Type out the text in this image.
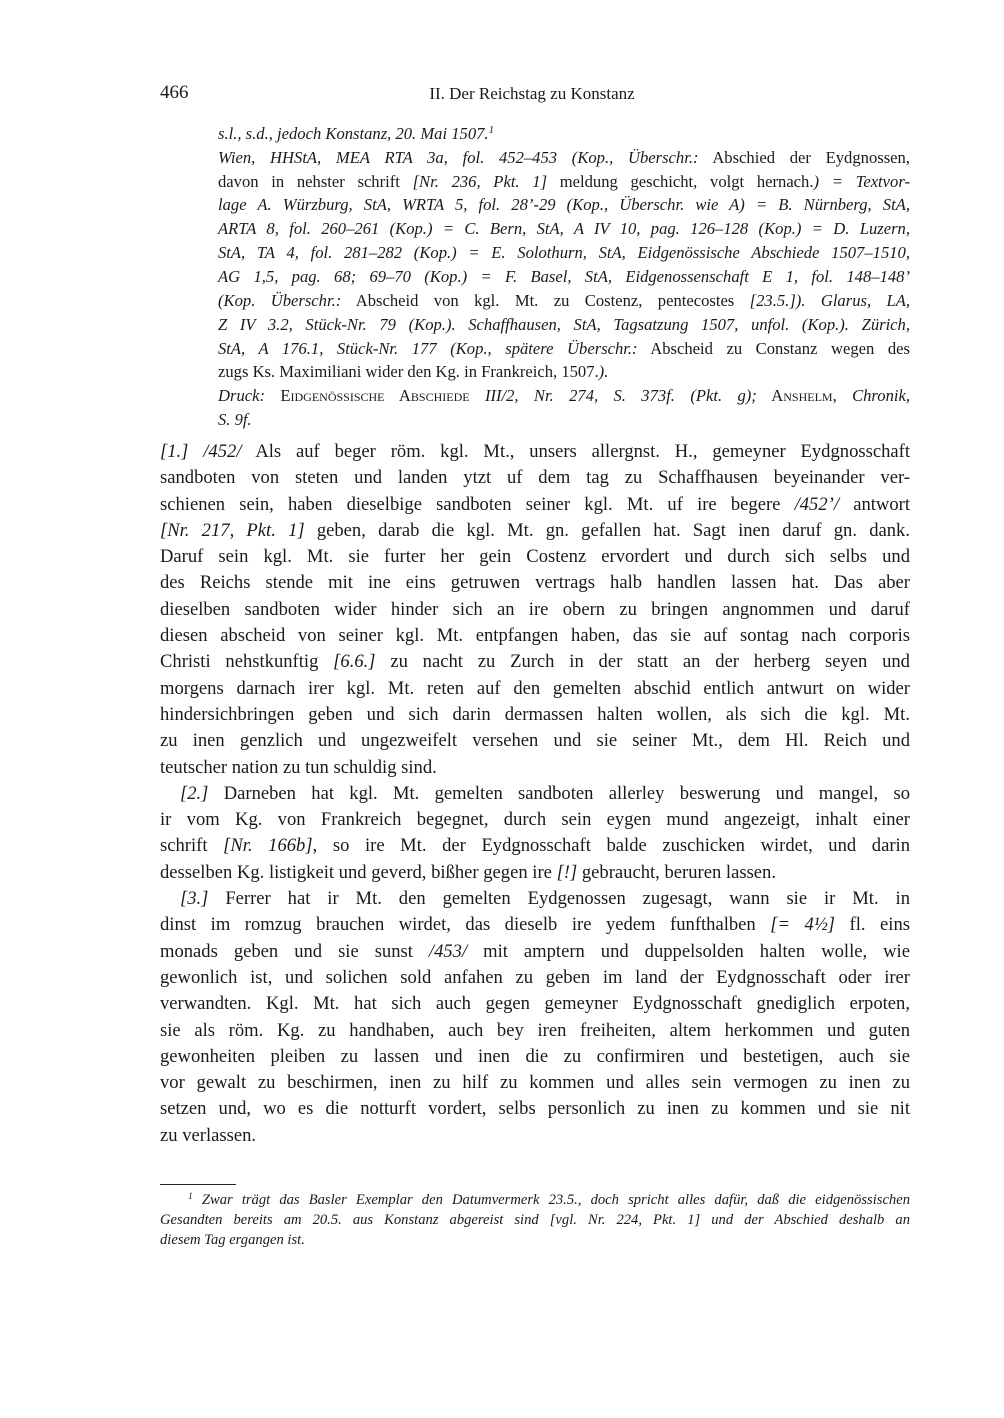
466	II. Der Reichstag zu Konstanz
s.l., s.d., jedoch Konstanz, 20. Mai 1507.$^1$
Wien, HHStA, MEA RTA 3a, fol. 452–453 (Kop., Überschr.: Abschied der Eydgnossen,
davon in nehster schrift [Nr. 236, Pkt. 1] meldung geschicht, volgt hernach.) = Textvor-
lage A. Würzburg, StA, WRTA 5, fol. 28’-29 (Kop., Überschr. wie A) = B. Nürnberg, StA,
ARTA 8, fol. 260–261 (Kop.) = C. Bern, StA, A IV 10, pag. 126–128 (Kop.) = D. Luzern,
StA, TA 4, fol. 281–282 (Kop.) = E. Solothurn, StA, Eidgenössische Abschiede 1507–1510,
AG 1,5, pag. 68; 69–70 (Kop.) = F. Basel, StA, Eidgenossenschaft E 1, fol. 148–148’
(Kop. Überschr.: Abscheid von kgl. Mt. zu Costenz, pentecostes [23.5.]). Glarus, LA,
Z IV 3.2, Stück-Nr. 79 (Kop.). Schaffhausen, StA, Tagsatzung 1507, unfol. (Kop.). Zürich,
StA, A 176.1, Stück-Nr. 177 (Kop., spätere Überschr.: Abscheid zu Constanz wegen des
zugs Ks. Maximiliani wider den Kg. in Frankreich, 1507.).
Druck: Eidgenössische Abschiede III/2, Nr. 274, S. 373f. (Pkt. g); Anshelm, Chronik,
S. 9f.
[1.] /452/ Als auf beger röm. kgl. Mt., unsers allergnst. H., gemeyner Eydgnosschaft
sandboten von steten und landen ytzt uf dem tag zu Schaffhausen beyeinander ver-
schienen sein, haben dieselbige sandboten seiner kgl. Mt. uf ire begere /452’/ antwort
[Nr. 217, Pkt. 1] geben, darab die kgl. Mt. gn. gefallen hat. Sagt inen daruf gn. dank.
Daruf sein kgl. Mt. sie furter her gein Costenz ervordert und durch sich selbs und
des Reichs stende mit ine eins getruwen vertrags halb handlen lassen hat. Das aber
dieselben sandboten wider hinder sich an ire obern zu bringen angnommen und daruf
diesen abscheid von seiner kgl. Mt. entpfangen haben, das sie auf sontag nach corporis
Christi nehstkunftig [6.6.] zu nacht zu Zurch in der statt an der herberg seyen und
morgens darnach irer kgl. Mt. reten auf den gemelten abschid entlich antwurt on wider
hindersichbringen geben und sich darin dermassen halten wollen, als sich die kgl. Mt.
zu inen genzlich und ungezweifelt versehen und sie seiner Mt., dem Hl. Reich und
teutscher nation zu tun schuldig sind.
[2.] Darneben hat kgl. Mt. gemelten sandboten allerley beswerung und mangel, so
ir vom Kg. von Frankreich begegnet, durch sein eygen mund angezeigt, inhalt einer
schrift [Nr. 166b], so ire Mt. der Eydgnosschaft balde zuschicken wirdet, und darin
desselben Kg. listigkeit und geverd, bißher gegen ire [!] gebraucht, beruren lassen.
[3.] Ferrer hat ir Mt. den gemelten Eydgenossen zugesagt, wann sie ir Mt. in
dinst im romzug brauchen wirdet, das dieselb ire yedem funfthalben [= 4½] fl. eins
monads geben und sie sunst /453/ mit amptern und duppelsolden halten wolle, wie
gewonlich ist, und solichen sold anfahen zu geben im land der Eydgnosschaft oder irer
verwandten. Kgl. Mt. hat sich auch gegen gemeyner Eydgnosschaft gnediglich erpoten,
sie als röm. Kg. zu handhaben, auch bey iren freiheiten, altem herkommen und guten
gewonheiten pleiben zu lassen und inen die zu confirmiren und bestetigen, auch sie
vor gewalt zu beschirmen, inen zu hilf zu kommen und alles sein vermogen zu inen zu
setzen und, wo es die notturft vordert, selbs personlich zu inen zu kommen und sie nit
zu verlassen.
$^1$ Zwar trägt das Basler Exemplar den Datumvermerk 23.5., doch spricht alles dafür, daß die eidgenössischen
Gesandten bereits am 20.5. aus Konstanz abgereist sind [vgl. Nr. 224, Pkt. 1] und der Abschied deshalb an
diesem Tag ergangen ist.
